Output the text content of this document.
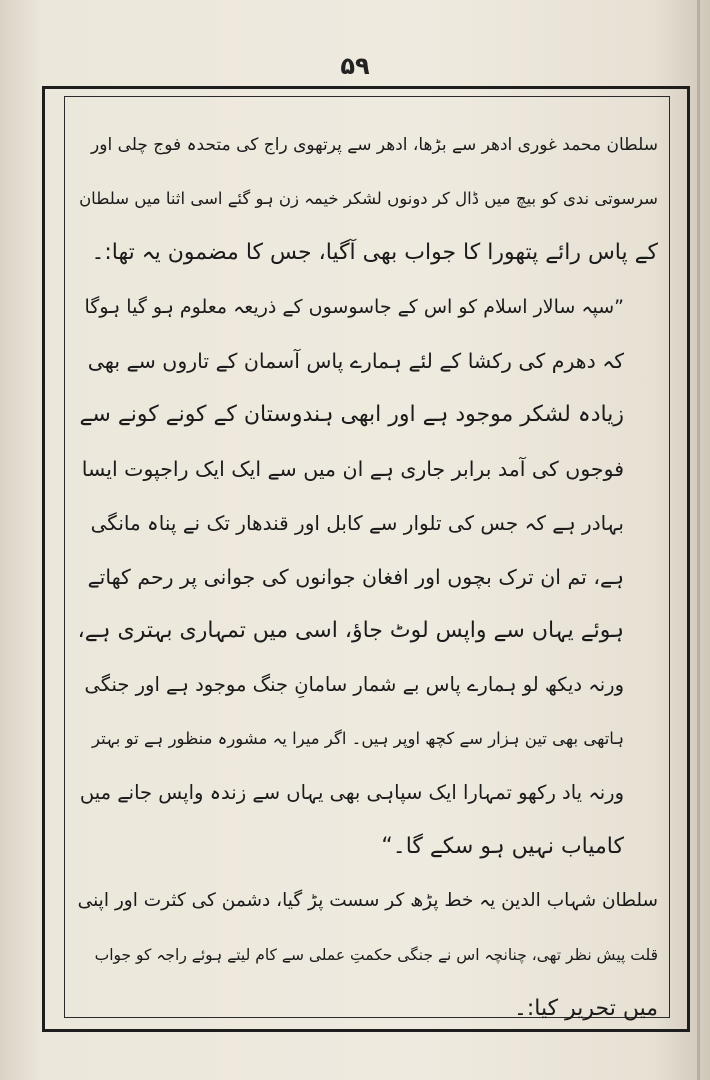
۵۹
سلطان محمد غوری ادھر سے بڑھا، ادھر سے پرتھوی راج کی متحدہ فوج چلی اور
سرسوتی ندی کو بیچ میں ڈال کر دونوں لشکر خیمہ زن ہو گئے اسی اثنا میں سلطان
کے پاس رائے پتھورا کا جواب بھی آگیا، جس کا مضمون یہ تھا:۔
”سپہ سالار اسلام کو اس کے جاسوسوں کے ذریعہ معلوم ہو گیا ہوگا
کہ دھرم کی رکشا کے لئے ہمارے پاس آسمان کے تاروں سے بھی
زیادہ لشکر موجود ہے اور ابھی ہندوستان کے کونے کونے سے
فوجوں کی آمد برابر جاری ہے ان میں سے ایک ایک راجپوت ایسا
بہادر ہے کہ جس کی تلوار سے کابل اور قندھار تک نے پناہ مانگی
ہے، تم ان ترک بچوں اور افغان جوانوں کی جوانی پر رحم کھاتے
ہوئے یہاں سے واپس لوٹ جاؤ، اسی میں تمہاری بہتری ہے،
ورنہ دیکھ لو ہمارے پاس بے شمار سامانِ جنگ موجود ہے اور جنگی
ہاتھی بھی تین ہزار سے کچھ اوپر ہیں۔ اگر میرا یہ مشورہ منظور ہے تو بہتر
ورنہ یاد رکھو تمہارا ایک سپاہی بھی یہاں سے زندہ واپس جانے میں
کامیاب نہیں ہو سکے گا۔“
سلطان شہاب الدین یہ خط پڑھ کر سست پڑ گیا، دشمن کی کثرت اور اپنی
قلت پیش نظر تھی، چنانچہ اس نے جنگی حکمتِ عملی سے کام لیتے ہوئے راجہ کو جواب
میں تحریر کیا:۔
